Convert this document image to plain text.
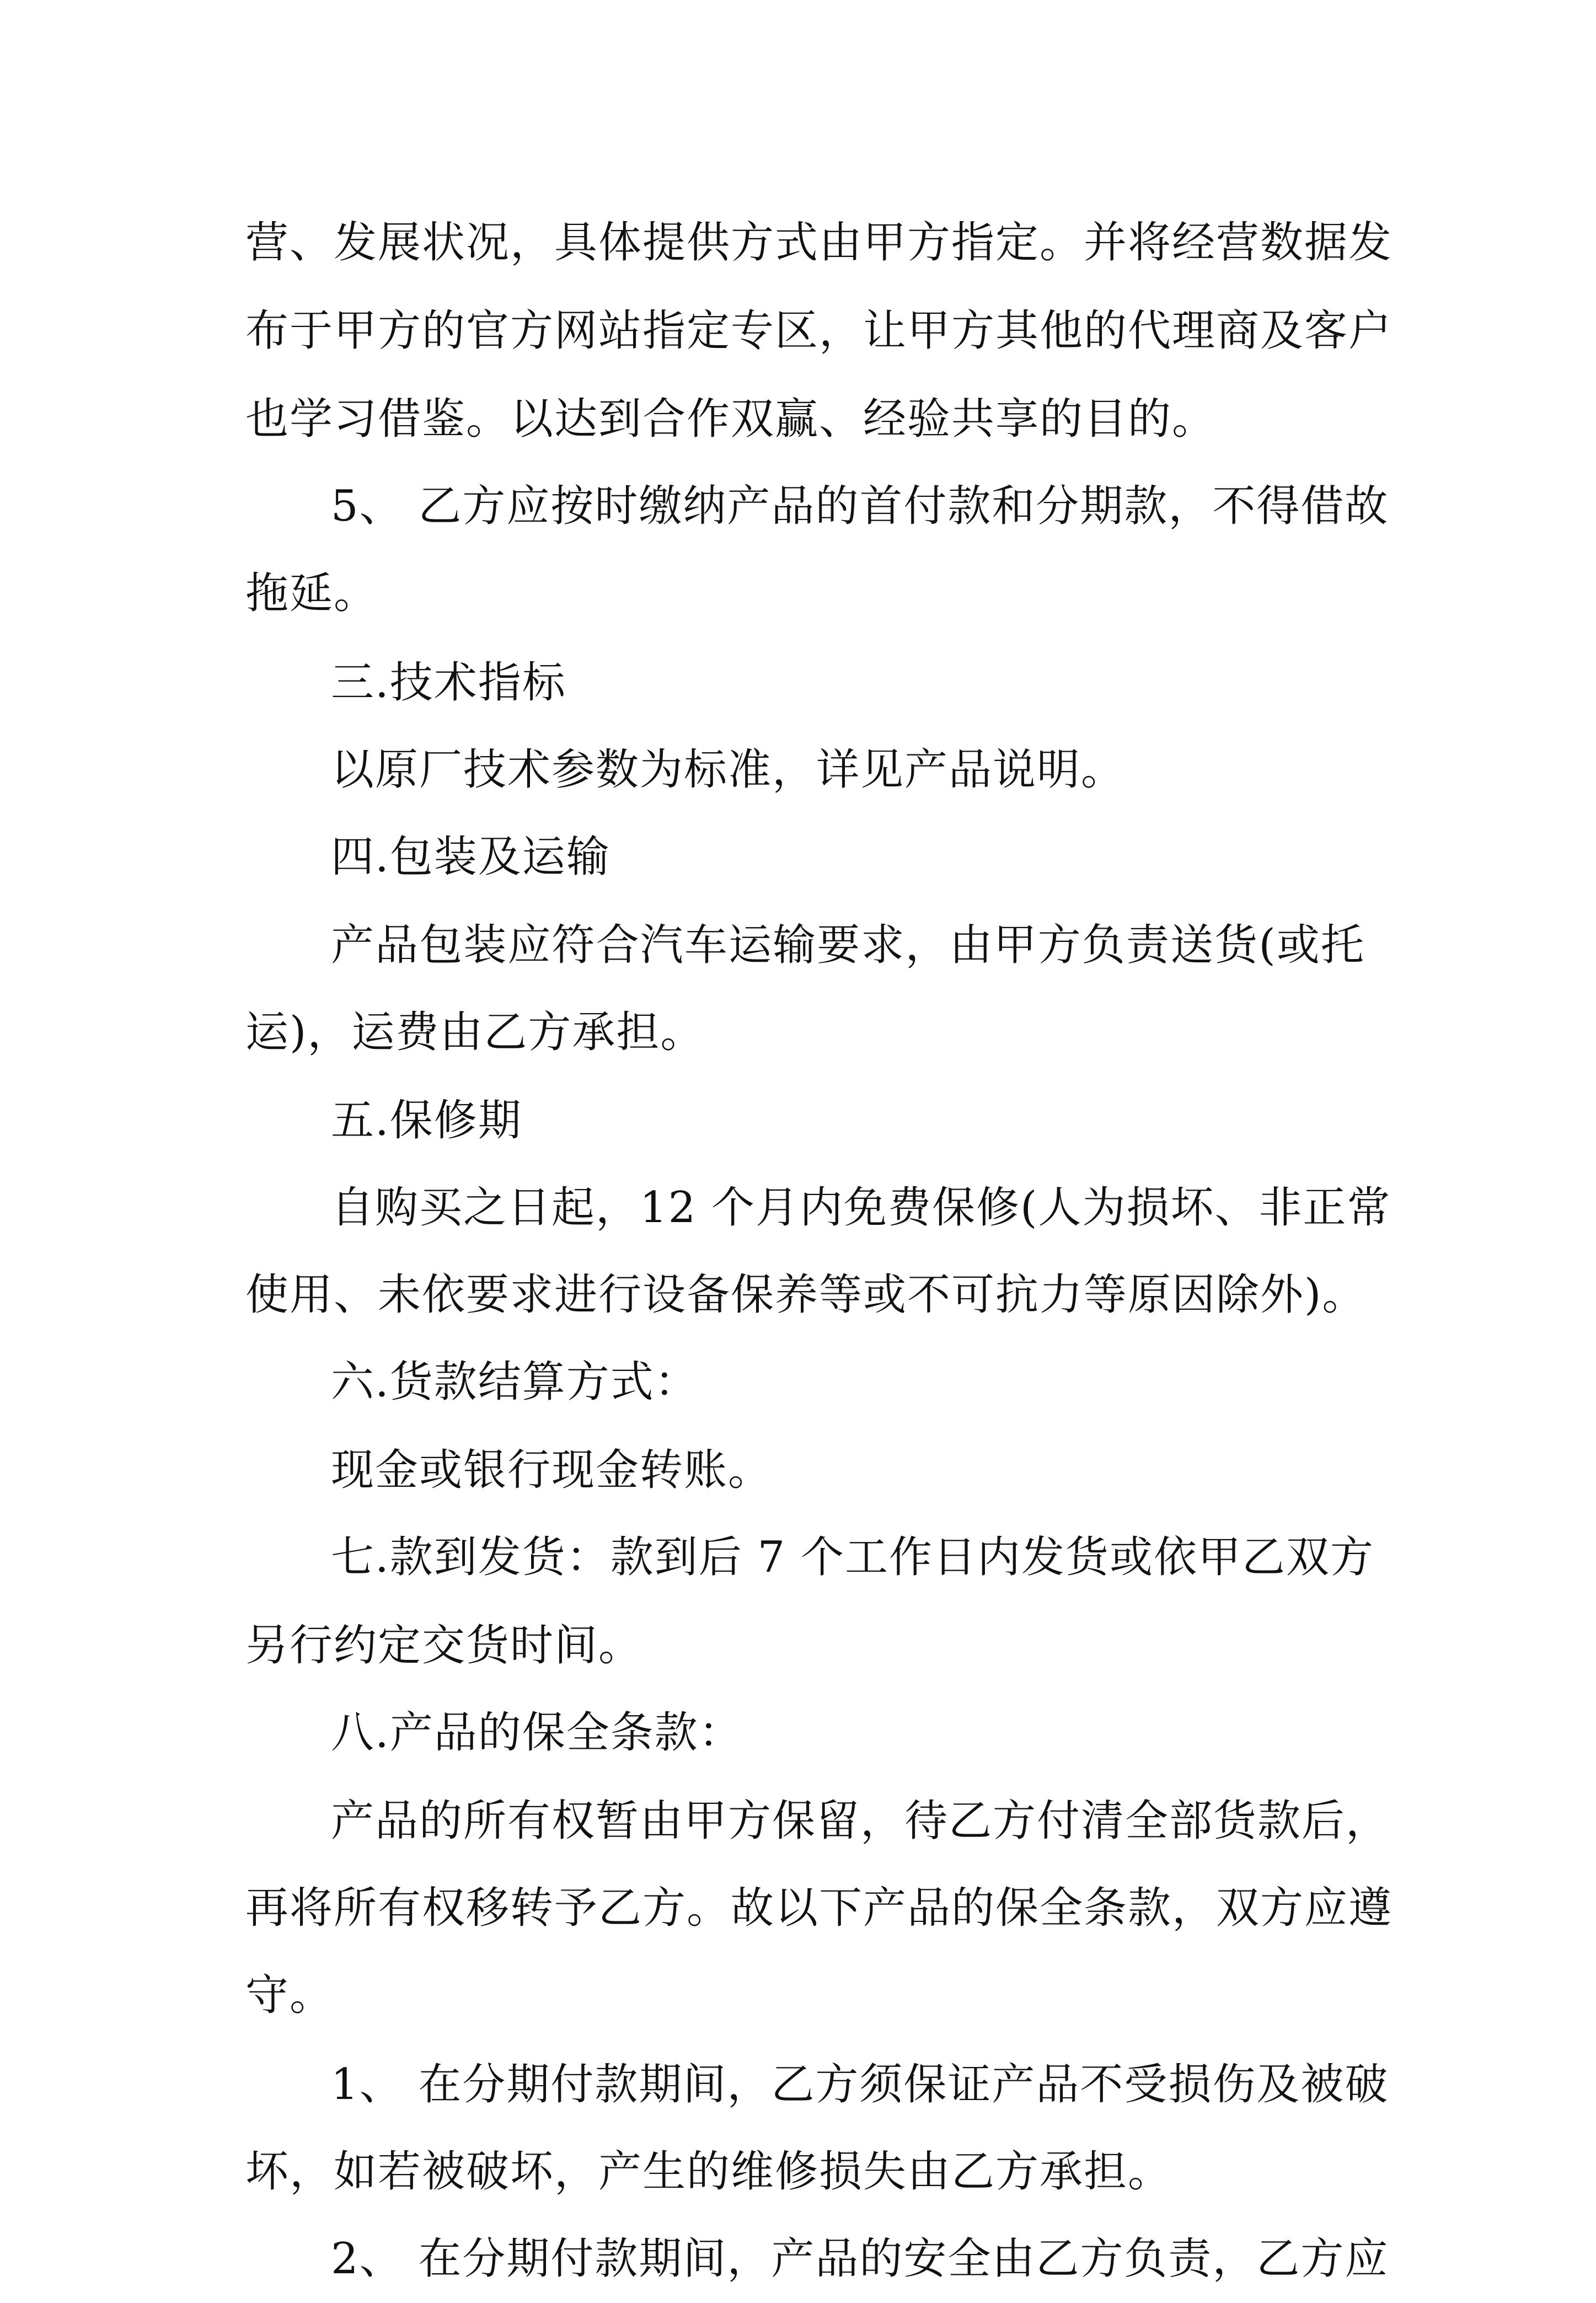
营、发展状况，具体提供方式由甲方指定。并将经营数据发
布于甲方的官方网站指定专区，让甲方其他的代理商及客户
也学习借鉴。以达到合作双赢、经验共享的目的。
5、 乙方应按时缴纳产品的首付款和分期款，不得借故
拖延。
三.技术指标
以原厂技术参数为标准，详见产品说明。
四.包装及运输
产品包装应符合汽车运输要求，由甲方负责送货(或托
运)，运费由乙方承担。
五.保修期
自购买之日起，12 个月内免费保修(人为损坏、非正常
使用、未依要求进行设备保养等或不可抗力等原因除外)。
六.货款结算方式：
现金或银行现金转账。
七.款到发货：款到后 7 个工作日内发货或依甲乙双方
另行约定交货时间。
八.产品的保全条款：
产品的所有权暂由甲方保留，待乙方付清全部货款后，
再将所有权移转予乙方。故以下产品的保全条款，双方应遵
守。
1、 在分期付款期间，乙方须保证产品不受损伤及被破
坏，如若被破坏，产生的维修损失由乙方承担。
2、 在分期付款期间，产品的安全由乙方负责，乙方应
